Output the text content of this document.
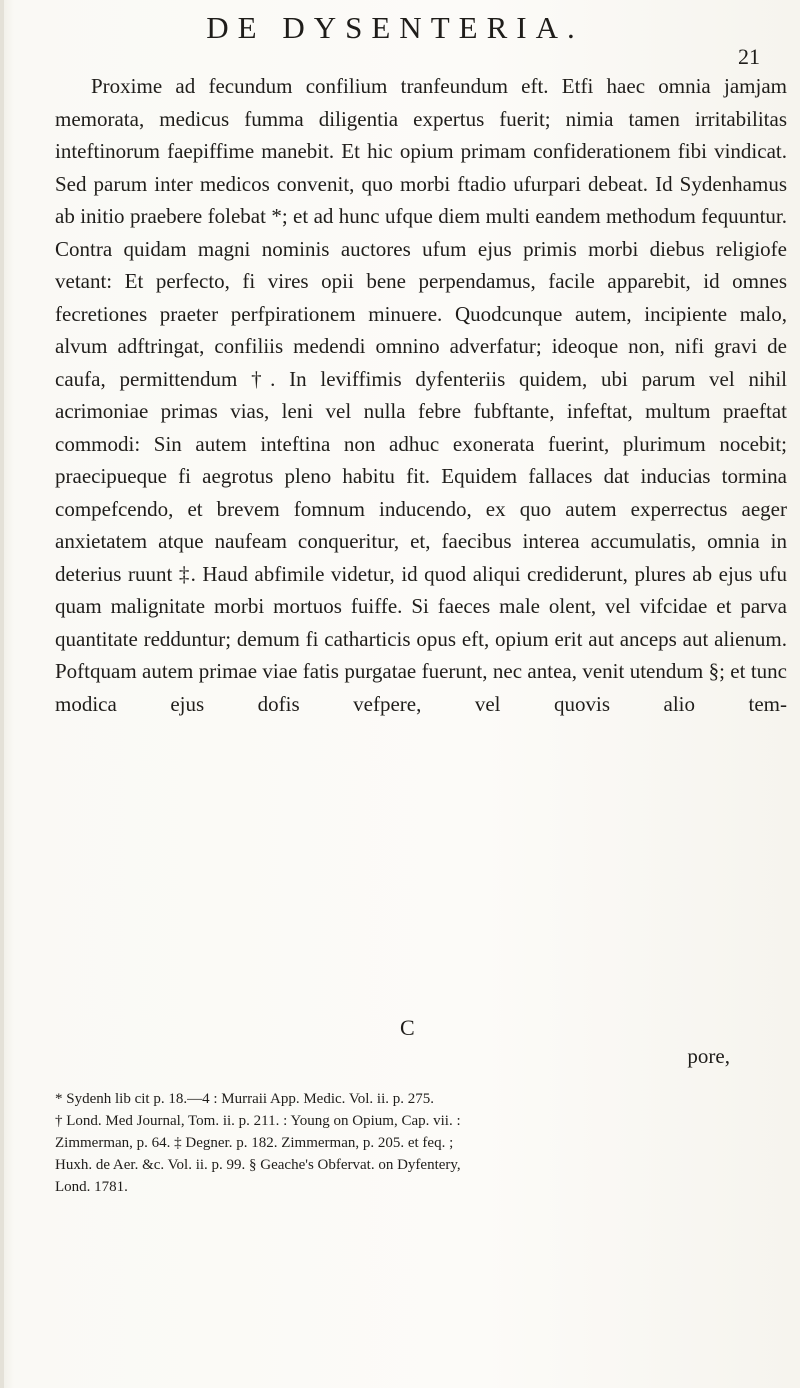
DE DYSENTERIA.
21

Proxime ad fecundum confilium tranfeundum eft. Etfi haec omnia jamjam memorata, medicus fumma diligentia expertus fuerit; nimia tamen irritabilitas inteftinorum faepiffime manebit. Et hic opium primam confiderationem fibi vindicat. Sed parum inter medicos convenit, quo morbi ftadio ufurpari debeat. Id Sydenhamus ab initio praebere folebat *; et ad hunc ufque diem multi eandem methodum fequuntur. Contra quidam magni nominis auctores ufum ejus primis morbi diebus religiofe vetant: Et perfecto, fi vires opii bene perpendamus, facile apparebit, id omnes fecretiones praeter perfpirationem minuere. Quodcunque autem, incipiente malo, alvum adftringat, confiliis medendi omnino adverfatur; ideoque non, nifi gravi de caufa, permittendum †. In leviffimis dyfenteriis quidem, ubi parum vel nihil acrimoniae primas vias, leni vel nulla febre fubftante, infeftat, multum praeftat commodi: Sin autem inteftina non adhuc exonerata fuerint, plurimum nocebit; praecipueque fi aegrotus pleno habitu fit. Equidem fallaces dat inducias tormina compefcendo, et brevem fomnum inducendo, ex quo autem experrectus aeger anxietatem atque naufeam conqueritur, et, faecibus interea accumulatis, omnia in deterius ruunt ‡. Haud abfimile videtur, id quod aliqui crediderunt, plures ab ejus ufu quam malignitate morbi mortuos fuiffe. Si faeces male olent, vel vifcidae et parva quantitate redduntur; demum fi catharticis opus eft, opium erit aut anceps aut alienum. Poftquam autem primae viae fatis purgatae fuerunt, nec antea, venit utendum §; et tunc modica ejus dofis vefpere, vel quovis alio tem-

C
pore,
* Sydenh lib cit p. 18.—4 : Murraii App. Medic. Vol. ii. p. 275.
† Lond. Med Journal, Tom. ii. p. 211. : Young on Opium, Cap. vii. :
Zimmerman, p. 64. ‡ Degner. p. 182. Zimmerman, p. 205. et feq. ;
Huxh. de Aer. &c. Vol. ii. p. 99. § Geache's Obfervat. on Dyfentery,
Lond. 1781.
